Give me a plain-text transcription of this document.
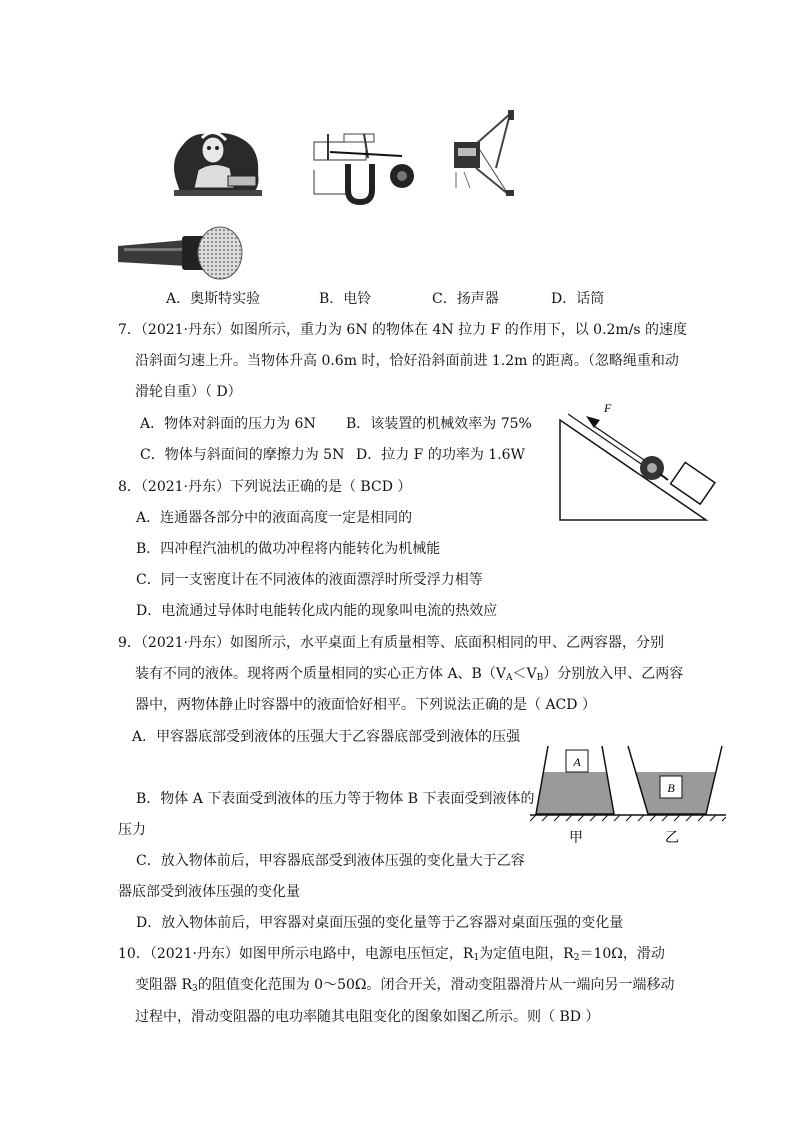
A．奥斯特实验	B．电铃	C．扬声器	D．话筒
7．（2021·丹东）如图所示，重力为 6N 的物体在 4N 拉力 F 的作用下，以 0.2m/s 的速度
沿斜面匀速上升。当物体升高 0.6m 时，恰好沿斜面前进 1.2m 的距离。（忽略绳重和动
滑轮自重）（ D）
A．物体对斜面的压力为 6N B．该装置的机械效率为 75%
C．物体与斜面间的摩擦力为 5N D．拉力 F 的功率为 1.6W
F
8．（2021·丹东）下列说法正确的是（ BCD ）
A．连通器各部分中的液面高度一定是相同的
B．四冲程汽油机的做功冲程将内能转化为机械能
C．同一支密度计在不同液体的液面漂浮时所受浮力相等
D．电流通过导体时电能转化成内能的现象叫电流的热效应
9．（2021·丹东）如图所示，水平桌面上有质量相等、底面积相同的甲、乙两容器，分别
装有不同的液体。现将两个质量相同的实心正方体 A、$B(V_A<V_B)$分别放入甲、乙两容
器中，两物体静止时容器中的液面恰好相平。下列说法正确的是（ ACD ）
A．甲容器底部受到液体的压强大于乙容器底部受到液体的压强
B．物体 A 下表面受到液体的压力等于物体 B 下表面受到液体的
压力
C．放入物体前后，甲容器底部受到液体压强的变化量大于乙容
器底部受到液体压强的变化量
D．放入物体前后，甲容器对桌面压强的变化量等于乙容器对桌面压强的变化量
A
B
甲	乙
10．（2021·丹东）如图甲所示电路中，电源电压恒定，$R_1$为定值电阻，$R_2=10\Omega$，滑动
变阻器 $R_3$的阻值变化范围为 0～50Ω。闭合开关，滑动变阻器滑片从一端向另一端移动
过程中，滑动变阻器的电功率随其电阻变化的图象如图乙所示。则（ BD ）
